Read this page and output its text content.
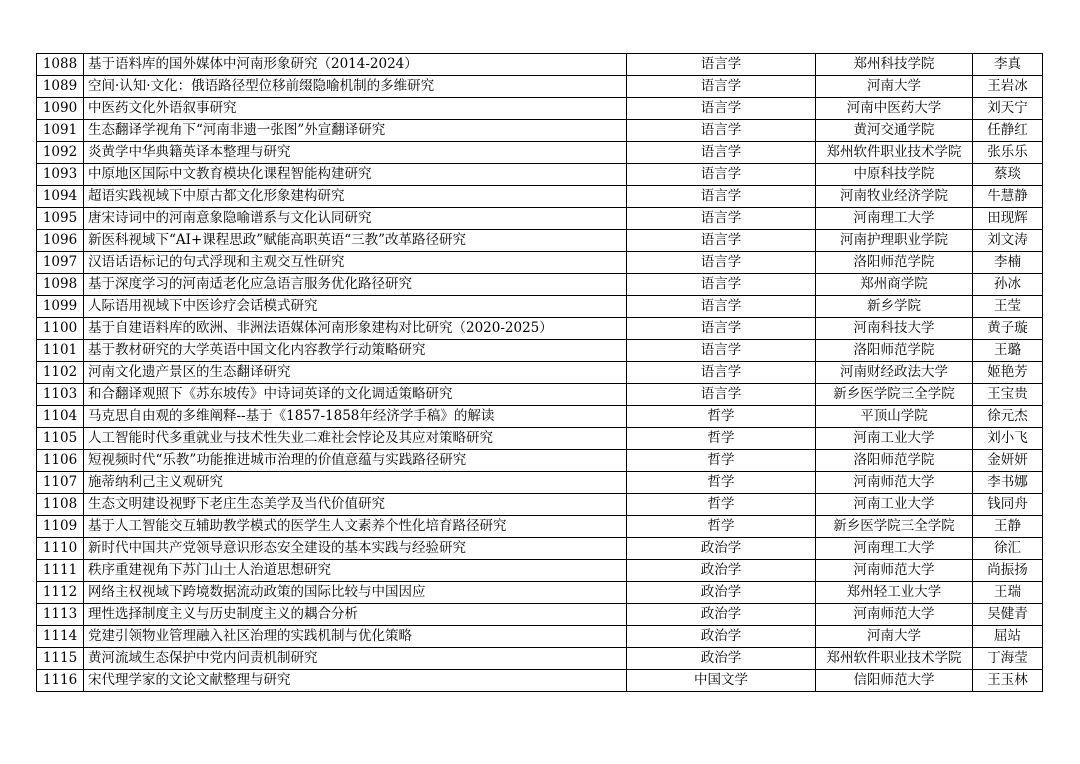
1088	基于语料库的国外媒体中河南形象研究（2014-2024）	语言学	郑州科技学院	李真
1089	空间·认知·文化：俄语路径型位移前缀隐喻机制的多维研究	语言学	河南大学	王岩冰
1090	中医药文化外语叙事研究	语言学	河南中医药大学	刘天宁
1091	生态翻译学视角下“河南非遗一张图”外宣翻译研究	语言学	黄河交通学院	任静红
1092	炎黄学中华典籍英译本整理与研究	语言学	郑州软件职业技术学院	张乐乐
1093	中原地区国际中文教育模块化课程智能构建研究	语言学	中原科技学院	蔡琰
1094	超语实践视域下中原古都文化形象建构研究	语言学	河南牧业经济学院	牛慧静
1095	唐宋诗词中的河南意象隐喻谱系与文化认同研究	语言学	河南理工大学	田现辉
1096	新医科视域下“AI+课程思政”赋能高职英语“三教”改革路径研究	语言学	河南护理职业学院	刘文涛
1097	汉语话语标记的句式浮现和主观交互性研究	语言学	洛阳师范学院	李楠
1098	基于深度学习的河南适老化应急语言服务优化路径研究	语言学	郑州商学院	孙冰
1099	人际语用视域下中医诊疗会话模式研究	语言学	新乡学院	王莹
1100	基于自建语料库的欧洲、非洲法语媒体河南形象建构对比研究（2020-2025）	语言学	河南科技大学	黄子璇
1101	基于教材研究的大学英语中国文化内容教学行动策略研究	语言学	洛阳师范学院	王璐
1102	河南文化遗产景区的生态翻译研究	语言学	河南财经政法大学	姬艳芳
1103	和合翻译观照下《苏东坡传》中诗词英译的文化调适策略研究	语言学	新乡医学院三全学院	王宝贵
1104	马克思自由观的多维阐释--基于《1857-1858年经济学手稿》的解读	哲学	平顶山学院	徐元杰
1105	人工智能时代多重就业与技术性失业二难社会悖论及其应对策略研究	哲学	河南工业大学	刘小飞
1106	短视频时代“乐教”功能推进城市治理的价值意蕴与实践路径研究	哲学	洛阳师范学院	金妍妍
1107	施蒂纳利己主义观研究	哲学	河南师范大学	李书娜
1108	生态文明建设视野下老庄生态美学及当代价值研究	哲学	河南工业大学	钱同舟
1109	基于人工智能交互辅助教学模式的医学生人文素养个性化培育路径研究	哲学	新乡医学院三全学院	王静
1110	新时代中国共产党领导意识形态安全建设的基本实践与经验研究	政治学	河南理工大学	徐汇
1111	秩序重建视角下苏门山士人治道思想研究	政治学	河南师范大学	尚振扬
1112	网络主权视域下跨境数据流动政策的国际比较与中国因应	政治学	郑州轻工业大学	王瑞
1113	理性选择制度主义与历史制度主义的耦合分析	政治学	河南师范大学	吴健青
1114	党建引领物业管理融入社区治理的实践机制与优化策略	政治学	河南大学	屈站
1115	黄河流域生态保护中党内问责机制研究	政治学	郑州软件职业技术学院	丁海莹
1116	宋代理学家的文论文献整理与研究	中国文学	信阳师范大学	王玉林
